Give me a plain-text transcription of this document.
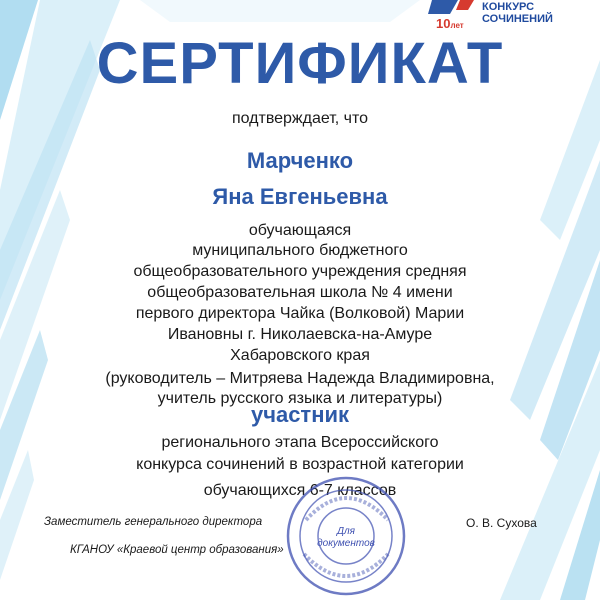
10лет
КОНКУРС
СОЧИНЕНИЙ
СЕРТИФИКАТ
подтверждает, что
Марченко
Яна Евгеньевна
обучающаяся
муниципального бюджетного
общеобразовательного учреждения средняя
общеобразовательная школа № 4 имени
первого директора Чайка (Волковой) Марии
Ивановны г. Николаевска-на-Амуре
Хабаровского края
(руководитель – Митряева Надежда Владимировна,
учитель русского языка и литературы)
участник
регионального этапа Всероссийского
конкурса сочинений в возрастной категории
обучающихся 6-7 классов
Для
документов
Заместитель генерального директора
КГАНОУ «Краевой центр образования»
О. В. Сухова
